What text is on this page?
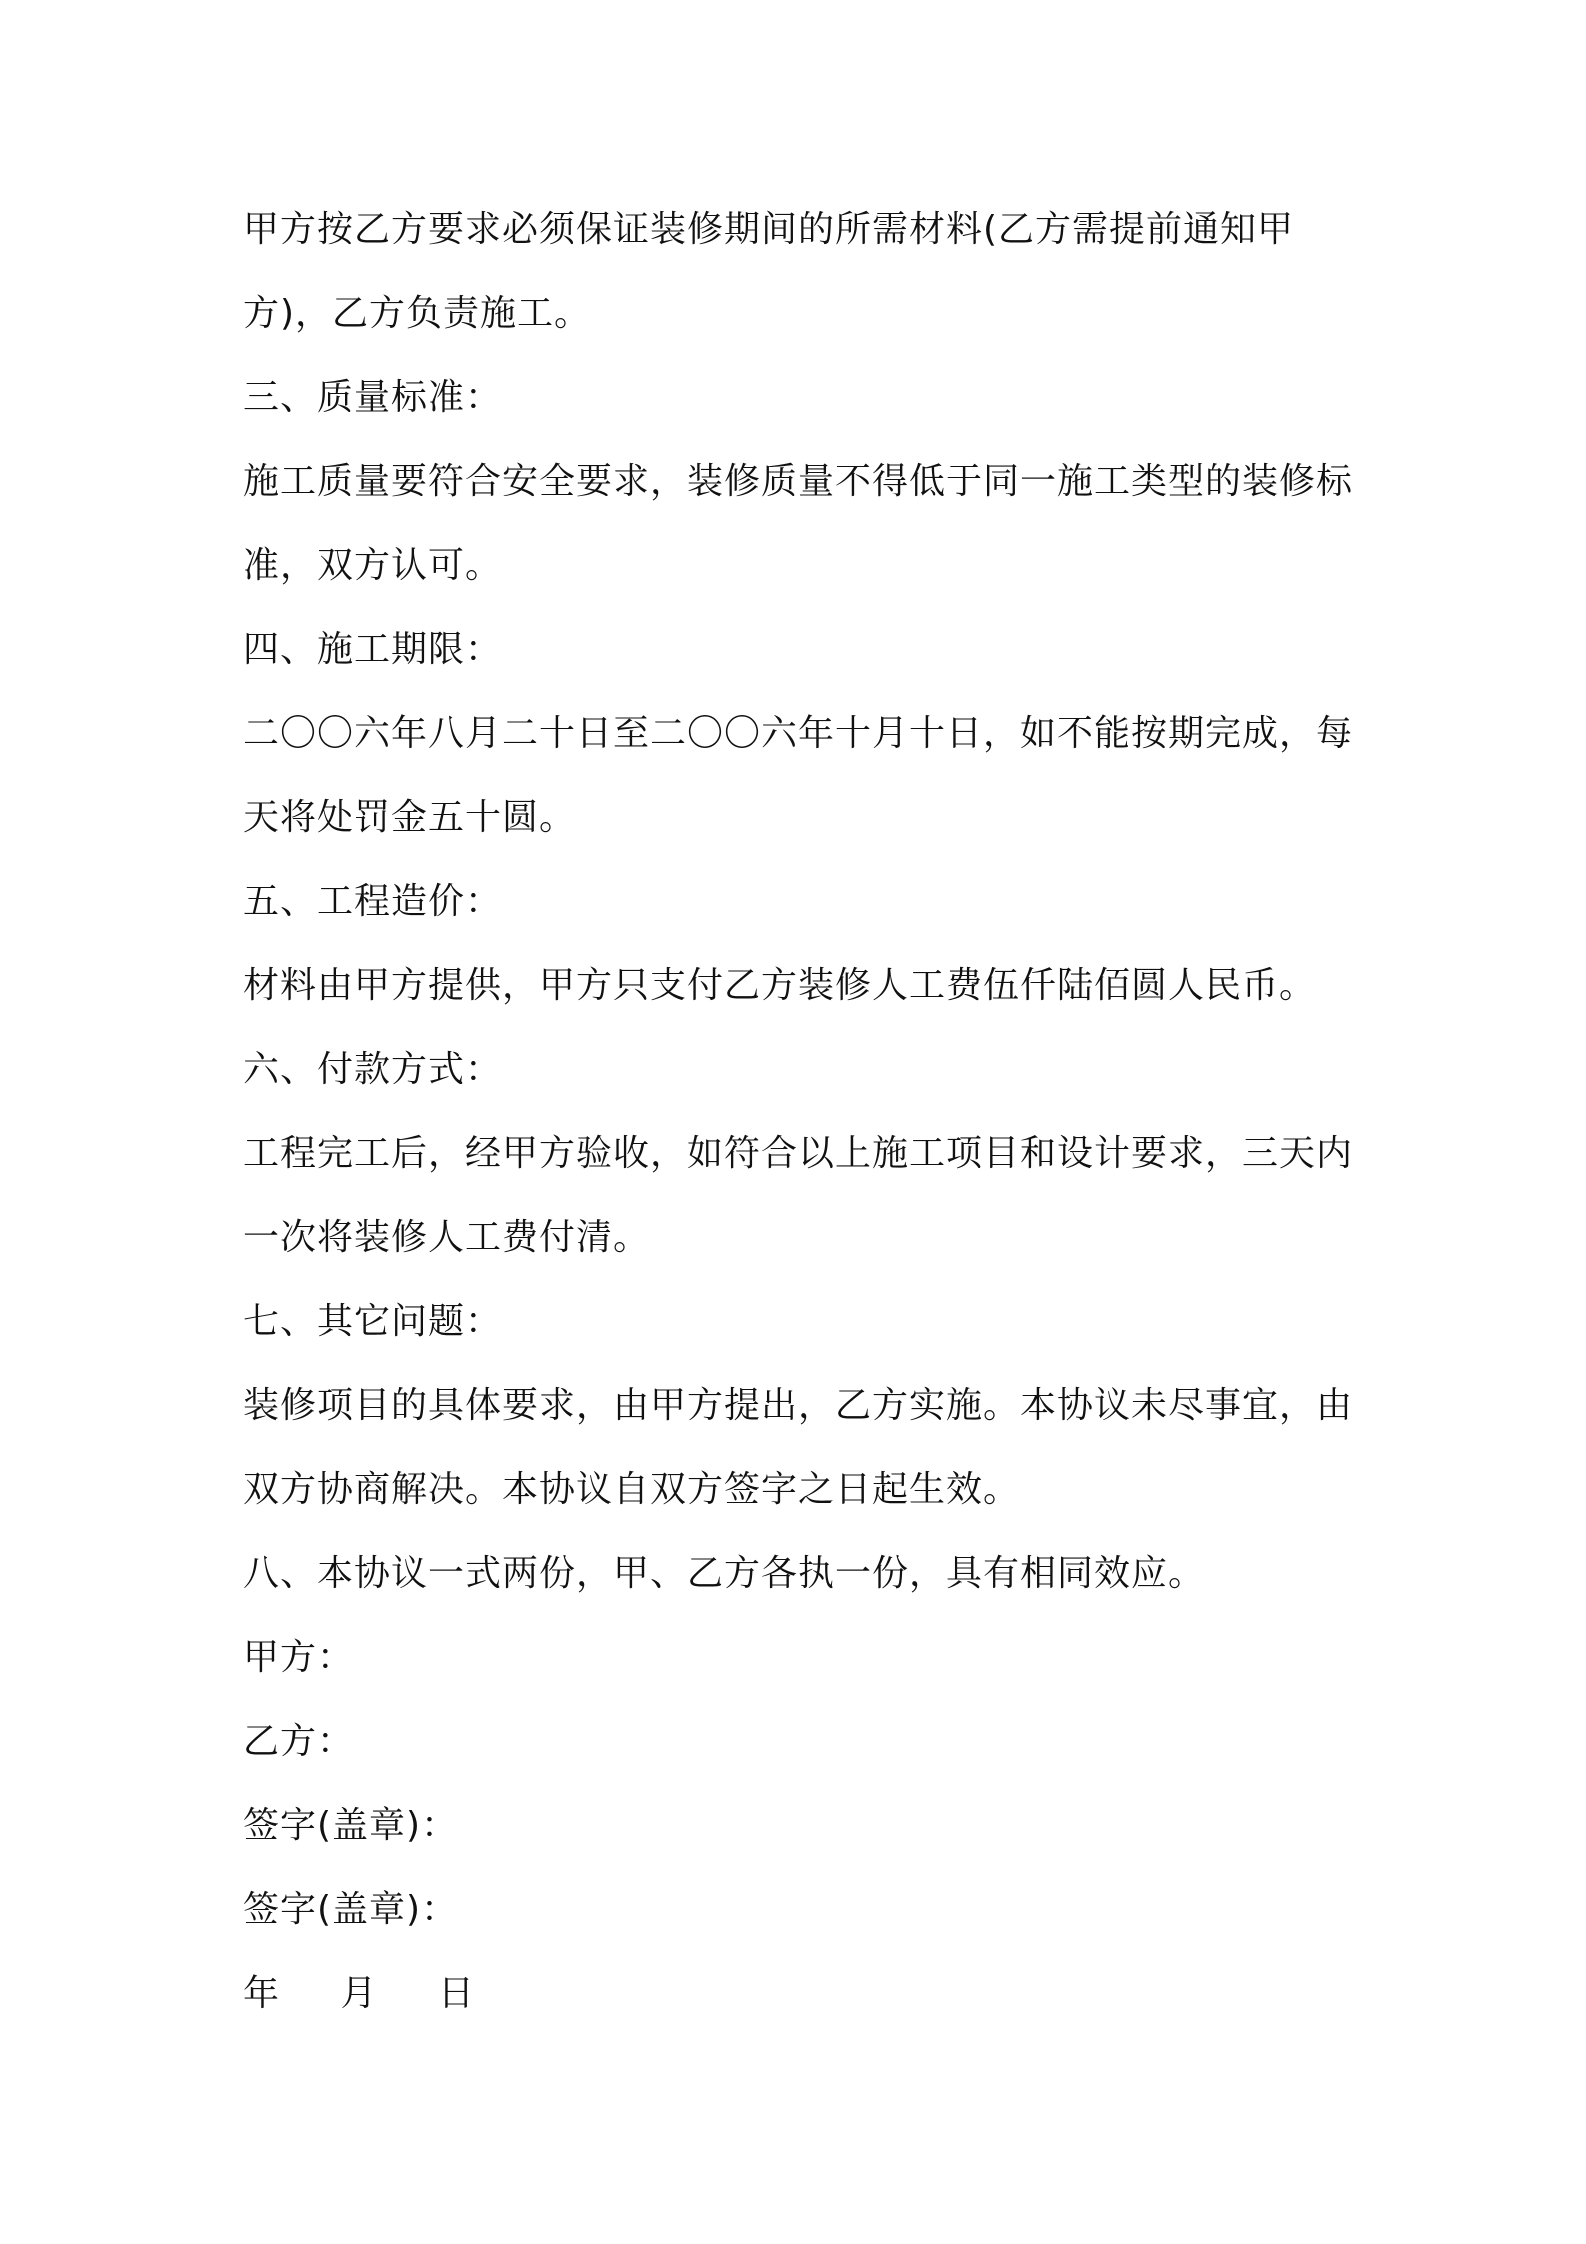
甲方按乙方要求必须保证装修期间的所需材料(乙方需提前通知甲
方)，乙方负责施工。
三、质量标准：
施工质量要符合安全要求，装修质量不得低于同一施工类型的装修标
准，双方认可。
四、施工期限：
二〇〇六年八月二十日至二〇〇六年十月十日，如不能按期完成，每
天将处罚金五十圆。
五、工程造价：
材料由甲方提供，甲方只支付乙方装修人工费伍仟陆佰圆人民币。
六、付款方式：
工程完工后，经甲方验收，如符合以上施工项目和设计要求，三天内
一次将装修人工费付清。
七、其它问题：
装修项目的具体要求，由甲方提出，乙方实施。本协议未尽事宜，由
双方协商解决。本协议自双方签字之日起生效。
八、本协议一式两份，甲、乙方各执一份，具有相同效应。
甲方：
乙方：
签字(盖章)：
签字(盖章)：
年 月 日
